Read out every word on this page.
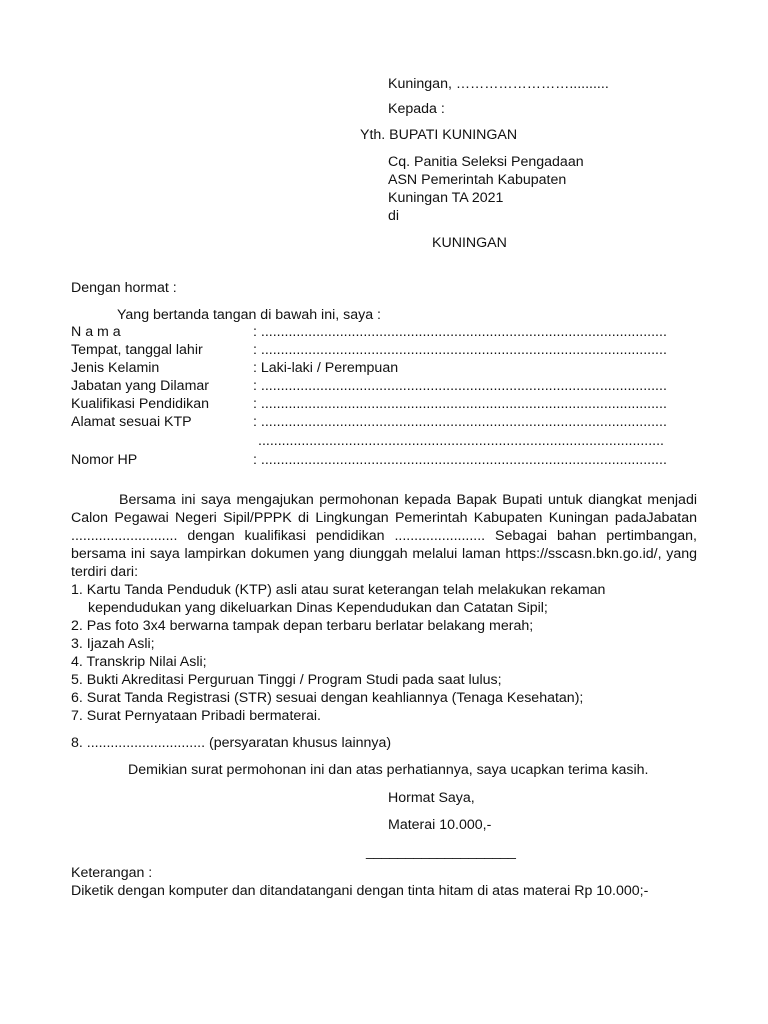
Kuningan, ……………………..........
Kepada :
Yth. BUPATI KUNINGAN
Cq. Panitia Seleksi Pengadaan
ASN Pemerintah Kabupaten
Kuningan TA 2021
di
KUNINGAN
Dengan hormat :
Yang bertanda tangan di bawah ini, saya :
N a m a	: .......................................................................................................
Tempat, tanggal lahir	: .......................................................................................................
Jenis Kelamin	: Laki-laki / Perempuan
Jabatan yang Dilamar	: .......................................................................................................
Kualifikasi Pendidikan	: .......................................................................................................
Alamat sesuai KTP	: .......................................................................................................
.......................................................................................................
Nomor HP	: .......................................................................................................
Bersama ini saya mengajukan permohonan kepada Bapak Bupati untuk diangkat menjadi Calon Pegawai Negeri Sipil/PPPK di Lingkungan Pemerintah Kabupaten Kuningan padaJabatan ........................... dengan kualifikasi pendidikan ....................... Sebagai bahan pertimbangan, bersama ini saya lampirkan dokumen yang diunggah melalui laman https://sscasn.bkn.go.id/, yang terdiri dari:
1. Kartu Tanda Penduduk (KTP) asli atau surat keterangan telah melakukan rekaman
kependudukan yang dikeluarkan Dinas Kependudukan dan Catatan Sipil;
2. Pas foto 3x4 berwarna tampak depan terbaru berlatar belakang merah;
3. Ijazah Asli;
4. Transkrip Nilai Asli;
5. Bukti Akreditasi Perguruan Tinggi / Program Studi pada saat lulus;
6. Surat Tanda Registrasi (STR) sesuai dengan keahliannya (Tenaga Kesehatan);
7. Surat Pernyataan Pribadi bermaterai.
8. .............................. (persyaratan khusus lainnya)
Demikian surat permohonan ini dan atas perhatiannya, saya ucapkan terima kasih.
Hormat Saya,
Materai 10.000,-
___________________
Keterangan :
Diketik dengan komputer dan ditandatangani dengan tinta hitam di atas materai Rp 10.000;-
